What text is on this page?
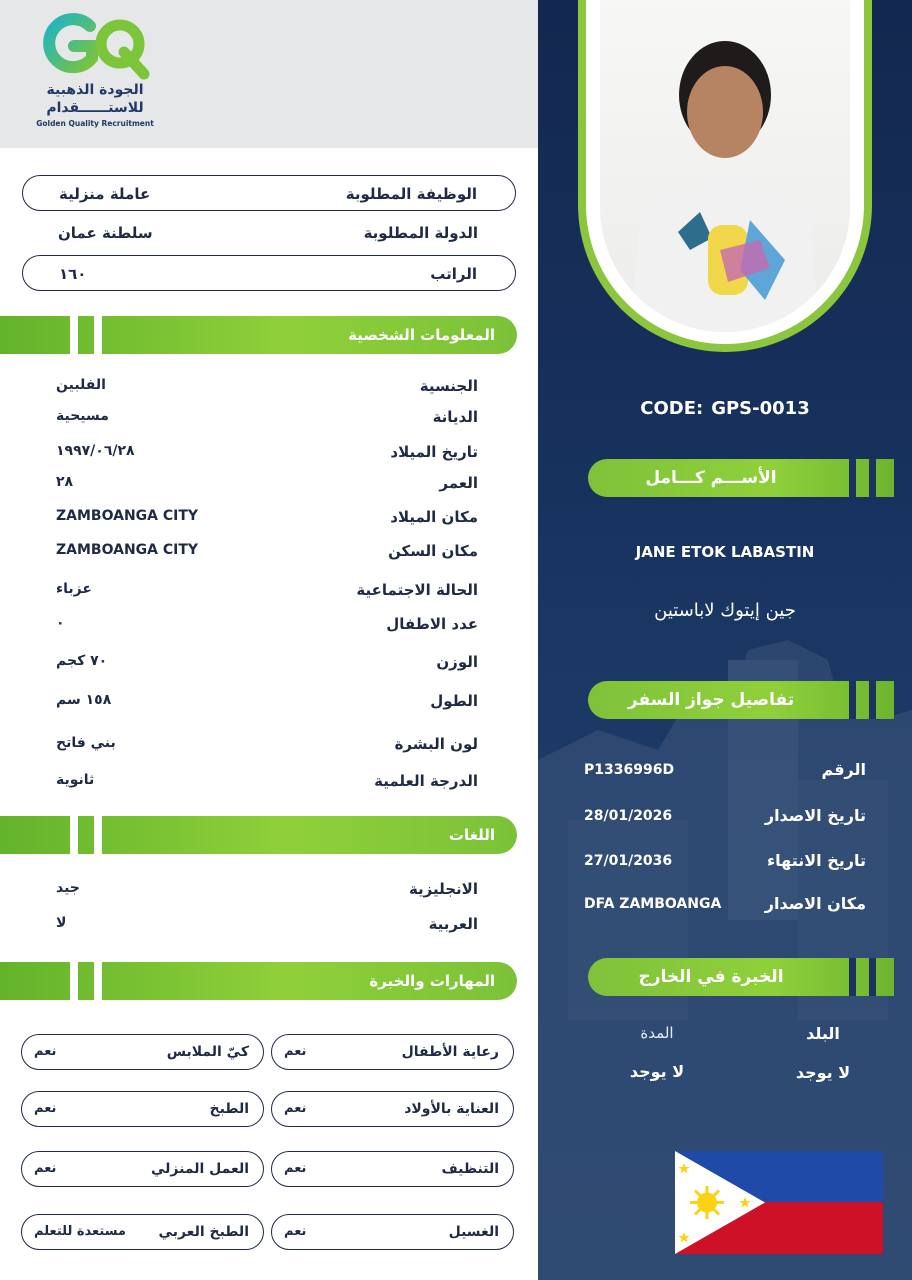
الجودة الذهبية
للاستــــــقدام
Golden Quality Recruitment
الوظيفة المطلوبة
عاملة منزلية
الدولة المطلوبة
سلطنة عمان
الراتب
١٦٠
المعلومات الشخصية
الجنسية
الفلبين
الديانة
مسيحية
تاريخ الميلاد
١٩٩٧/٠٦/٢٨
العمر
٢٨
مكان الميلاد
ZAMBOANGA CITY
مكان السكن
ZAMBOANGA CITY
الحالة الاجتماعية
عزباء
عدد الاطفال
٠
الوزن
٧٠ كجم
الطول
١٥٨ سم
لون البشرة
بني فاتح
الدرجة العلمية
ثانوية
اللغات
الانجليزية
جيد
العربية
لا
المهارات والخبرة
رعاية الأطفال
نعم
كيّ الملابس
نعم
العناية بالأولاد
نعم
الطبخ
نعم
التنظيف
نعم
العمل المنزلي
نعم
الغسيل
نعم
الطبخ العربي
مستعدة للتعلم
CODE: GPS-0013
الأســـم كـــامل
JANE ETOK LABASTIN
جين إيتوك لاباستين
تفاصيل جواز السفر
الرقم
P1336996D
تاريخ الاصدار
28/01/2026
تاريخ الانتهاء
27/01/2036
مكان الاصدار
DFA ZAMBOANGA
الخبرة في الخارج
البلد
لا يوجد
المدة
لا يوجد
